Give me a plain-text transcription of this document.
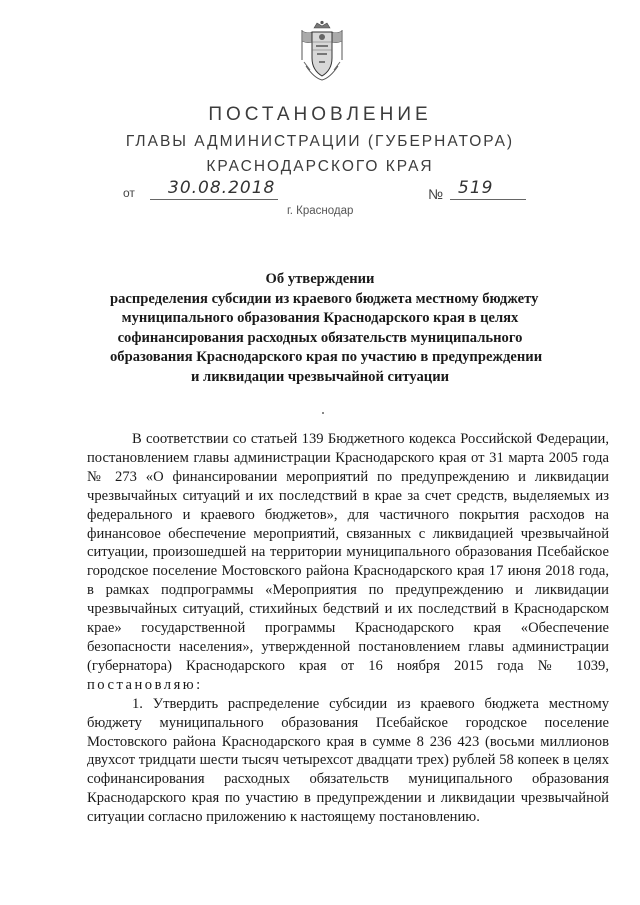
ПОСТАНОВЛЕНИЕ
ГЛАВЫ АДМИНИСТРАЦИИ (ГУБЕРНАТОРА)
КРАСНОДАРСКОГО КРАЯ
от 30.08.2018	№ 519
г. Краснодар
Об утверждении
распределения субсидии из краевого бюджета местному бюджету
муниципального образования Краснодарского края в целях
софинансирования расходных обязательств муниципального
образования Краснодарского края по участию в предупреждении
и ликвидации чрезвычайной ситуации

В соответствии со статьей 139 Бюджетного кодекса Российской Федерации, постановлением главы администрации Краснодарского края от 31 марта 2005 года № 273 «О финансировании мероприятий по предупреждению и ликвидации чрезвычайных ситуаций и их последствий в крае за счет средств, выделяемых из федерального и краевого бюджетов», для частичного покрытия расходов на финансовое обеспечение мероприятий, связанных с ликвидацией чрезвычайной ситуации, произошедшей на территории муниципального образования Псебайское городское поселение Мостовского района Краснодарского края 17 июня 2018 года, в рамках подпрограммы «Мероприятия по предупреждению и ликвидации чрезвычайных ситуаций, стихийных бедствий и их последствий в Краснодарском крае» государственной программы Краснодарского края «Обеспечение безопасности населения», утвержденной постановлением главы администрации (губернатора) Краснодарского края от 16 ноября 2015 года № 1039, постановляю:

1. Утвердить распределение субсидии из краевого бюджета местному бюджету муниципального образования Псебайское городское поселение Мостовского района Краснодарского края в сумме 8 236 423 (восьми миллионов двухсот тридцати шести тысяч четырехсот двадцати трех) рублей 58 копеек в целях софинансирования расходных обязательств муниципального образования Краснодарского края по участию в предупреждении и ликвидации чрезвычайной ситуации согласно приложению к настоящему постановлению.
